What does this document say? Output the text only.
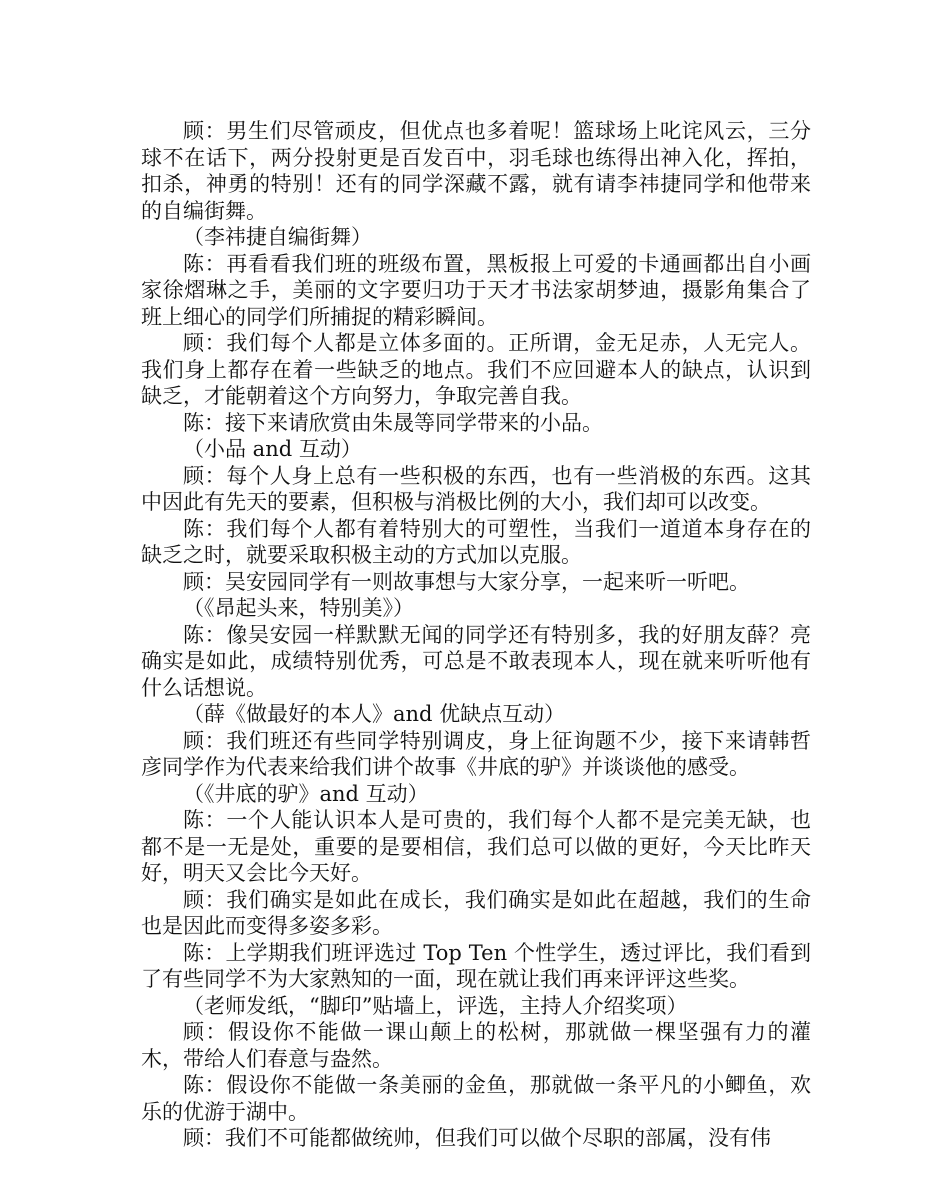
顾：男生们尽管顽皮，但优点也多着呢！篮球场上叱诧风云，三分球不在话下，两分投射更是百发百中，羽毛球也练得出神入化，挥拍，扣杀，神勇的特别！还有的同学深藏不露，就有请李祎捷同学和他带来的自编街舞。

（李祎捷自编街舞）

陈：再看看我们班的班级布置，黑板报上可爱的卡通画都出自小画家徐熠琳之手，美丽的文字要归功于天才书法家胡梦迪，摄影角集合了班上细心的同学们所捕捉的精彩瞬间。

顾：我们每个人都是立体多面的。正所谓，金无足赤，人无完人。我们身上都存在着一些缺乏的地点。我们不应回避本人的缺点，认识到缺乏，才能朝着这个方向努力，争取完善自我。

陈：接下来请欣赏由朱晟等同学带来的小品。

（小品 and 互动）

顾：每个人身上总有一些积极的东西，也有一些消极的东西。这其中因此有先天的要素，但积极与消极比例的大小，我们却可以改变。

陈：我们每个人都有着特别大的可塑性，当我们一道道本身存在的缺乏之时，就要采取积极主动的方式加以克服。

顾：吴安园同学有一则故事想与大家分享，一起来听一听吧。

（《昂起头来，特别美》）

陈：像吴安园一样默默无闻的同学还有特别多，我的好朋友薛？亮确实是如此，成绩特别优秀，可总是不敢表现本人，现在就来听听他有什么话想说。

（薛《做最好的本人》and 优缺点互动）

顾：我们班还有些同学特别调皮，身上征询题不少，接下来请韩哲彦同学作为代表来给我们讲个故事《井底的驴》并谈谈他的感受。

（《井底的驴》and 互动）

陈：一个人能认识本人是可贵的，我们每个人都不是完美无缺，也都不是一无是处，重要的是要相信，我们总可以做的更好，今天比昨天好，明天又会比今天好。

顾：我们确实是如此在成长，我们确实是如此在超越，我们的生命也是因此而变得多姿多彩。

陈：上学期我们班评选过 Top Ten 个性学生，透过评比，我们看到了有些同学不为大家熟知的一面，现在就让我们再来评评这些奖。

（老师发纸，“脚印”贴墙上，评选，主持人介绍奖项）

顾：假设你不能做一课山颠上的松树，那就做一棵坚强有力的灌木，带给人们春意与盎然。

陈：假设你不能做一条美丽的金鱼，那就做一条平凡的小鲫鱼，欢乐的优游于湖中。

顾：我们不可能都做统帅，但我们可以做个尽职的部属，没有伟
